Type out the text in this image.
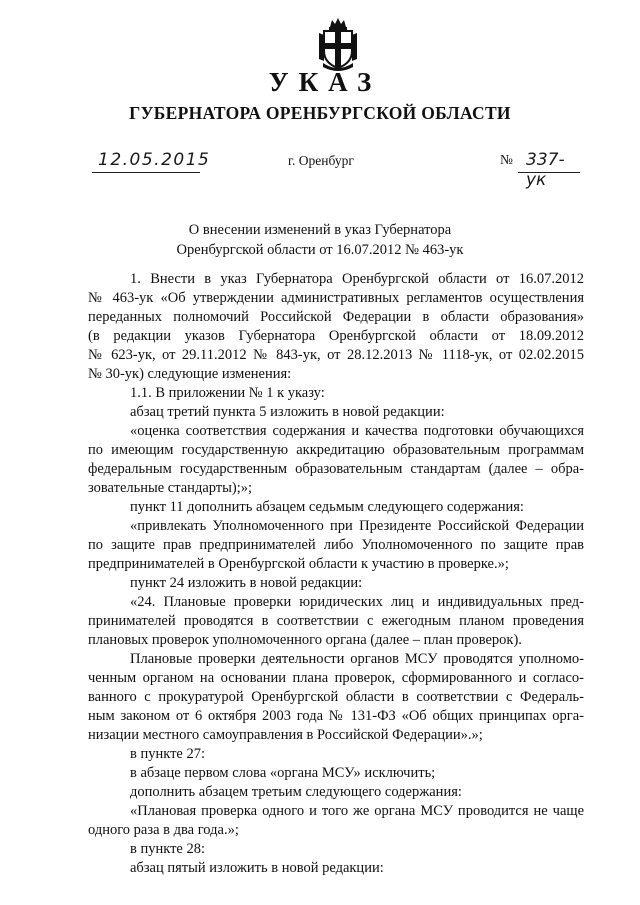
УКАЗ
ГУБЕРНАТОРА ОРЕНБУРГСКОЙ ОБЛАСТИ
12.05.2015	г. Оренбург	№ 337-ук
О внесении изменений в указ Губернатора
Оренбургской области от 16.07.2012 № 463-ук
1. Внести в указ Губернатора Оренбургской области от 16.07.2012
№ 463-ук «Об утверждении административных регламентов осуществления
переданных полномочий Российской Федерации в области образования»
(в редакции указов Губернатора Оренбургской области от 18.09.2012
№ 623-ук, от 29.11.2012 № 843-ук, от 28.12.2013 № 1118-ук, от 02.02.2015
№ 30-ук) следующие изменения:
1.1. В приложении № 1 к указу:
абзац третий пункта 5 изложить в новой редакции:
«оценка соответствия содержания и качества подготовки обучающихся
по имеющим государственную аккредитацию образовательным программам
федеральным государственным образовательным стандартам (далее – обра-
зовательные стандарты);»;
пункт 11 дополнить абзацем седьмым следующего содержания:
«привлекать Уполномоченного при Президенте Российской Федерации
по защите прав предпринимателей либо Уполномоченного по защите прав
предпринимателей в Оренбургской области к участию в проверке.»;
пункт 24 изложить в новой редакции:
«24. Плановые проверки юридических лиц и индивидуальных пред-
принимателей проводятся в соответствии с ежегодным планом проведения
плановых проверок уполномоченного органа (далее – план проверок).
Плановые проверки деятельности органов МСУ проводятся уполномо-
ченным органом на основании плана проверок, сформированного и согласо-
ванного с прокуратурой Оренбургской области в соответствии с Федераль-
ным законом от 6 октября 2003 года № 131-ФЗ «Об общих принципах орга-
низации местного самоуправления в Российской Федерации».»;
в пункте 27:
в абзаце первом слова «органа МСУ» исключить;
дополнить абзацем третьим следующего содержания:
«Плановая проверка одного и того же органа МСУ проводится не чаще
одного раза в два года.»;
в пункте 28:
абзац пятый изложить в новой редакции:
